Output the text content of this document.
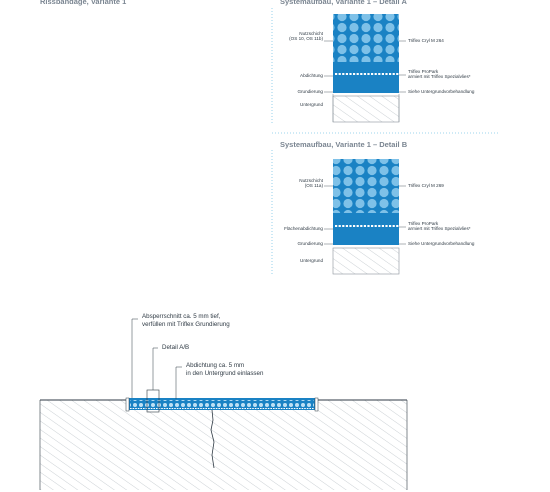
Rissbandage, Variante 1	Systemaufbau, Variante 1 – Detail A
Nutzschicht
(OS 10, OS 11b)
Abdichtung
Grundierung
Untergrund
Triflex Cryl M 264
Triflex ProPark
armiert mit Triflex Spezialvlies*
Siehe Untergrundvorbehandlung
Systemaufbau, Variante 1 – Detail B
Nutzschicht
(OS 11a)
Flächenabdichtung
Grundierung
Untergrund
Triflex Cryl M 269
Triflex ProPark
armiert mit Triflex Spezialvlies*
Siehe Untergrundvorbehandlung
Absperrschnitt ca. 5 mm tief,
verfüllen mit Triflex Grundierung
Detail A/B
Abdichtung ca. 5 mm
in den Untergrund einlassen
